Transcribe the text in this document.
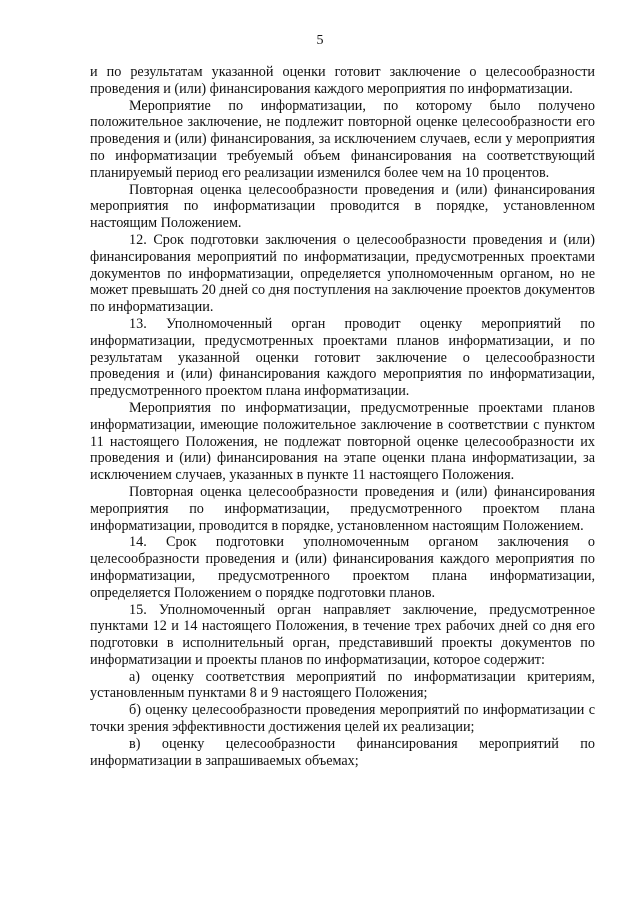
5

и по результатам указанной оценки готовит заключение о целесообразности проведения и (или) финансирования каждого мероприятия по информатизации.

Мероприятие по информатизации, по которому было получено положительное заключение, не подлежит повторной оценке целесообразности его проведения и (или) финансирования, за исключением случаев, если у мероприятия по информатизации требуемый объем финансирования на соответствующий планируемый период его реализации изменился более чем на 10 процентов.

Повторная оценка целесообразности проведения и (или) финансирования мероприятия по информатизации проводится в порядке, установленном настоящим Положением.

12. Срок подготовки заключения о целесообразности проведения и (или) финансирования мероприятий по информатизации, предусмотренных проектами документов по информатизации, определяется уполномоченным органом, но не может превышать 20 дней со дня поступления на заключение проектов документов по информатизации.

13. Уполномоченный орган проводит оценку мероприятий по информатизации, предусмотренных проектами планов информатизации, и по результатам указанной оценки готовит заключение о целесообразности проведения и (или) финансирования каждого мероприятия по информатизации, предусмотренного проектом плана информатизации.

Мероприятия по информатизации, предусмотренные проектами планов информатизации, имеющие положительное заключение в соответствии с пунктом 11 настоящего Положения, не подлежат повторной оценке целесообразности их проведения и (или) финансирования на этапе оценки плана информатизации, за исключением случаев, указанных в пункте 11 настоящего Положения.

Повторная оценка целесообразности проведения и (или) финансирования мероприятия по информатизации, предусмотренного проектом плана информатизации, проводится в порядке, установленном настоящим Положением.

14. Срок подготовки уполномоченным органом заключения о целесообразности проведения и (или) финансирования каждого мероприятия по информатизации, предусмотренного проектом плана информатизации, определяется Положением о порядке подготовки планов.

15. Уполномоченный орган направляет заключение, предусмотренное пунктами 12 и 14 настоящего Положения, в течение трех рабочих дней со дня его подготовки в исполнительный орган, представивший проекты документов по информатизации и проекты планов по информатизации, которое содержит:

а) оценку соответствия мероприятий по информатизации критериям, установленным пунктами 8 и 9 настоящего Положения;

б) оценку целесообразности проведения мероприятий по информатизации с точки зрения эффективности достижения целей их реализации;

в) оценку целесообразности финансирования мероприятий по информатизации в запрашиваемых объемах;
